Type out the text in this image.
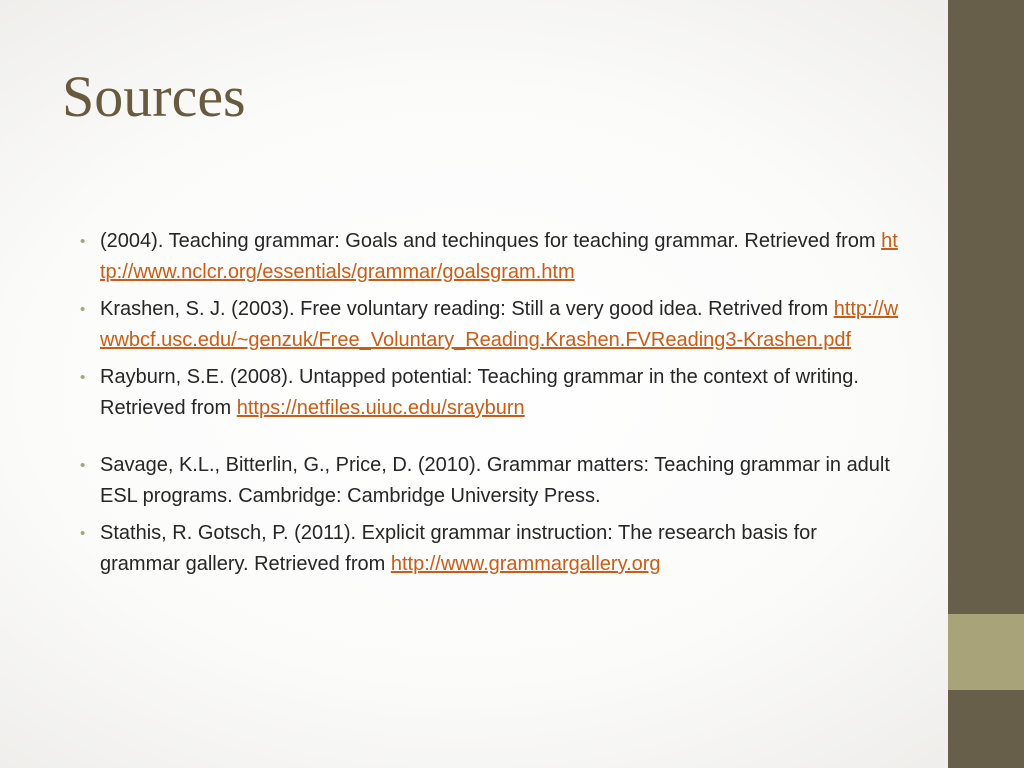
Sources
• (2004). Teaching grammar: Goals and techinques for teaching grammar. Retrieved from http://www.nclcr.org/essentials/grammar/goalsgram.htm
• Krashen, S. J. (2003). Free voluntary reading: Still a very good idea. Retrived from http://wwwbcf.usc.edu/~genzuk/Free_Voluntary_Reading.Krashen.FVReading3-Krashen.pdf
• Rayburn, S.E. (2008). Untapped potential: Teaching grammar in the context of writing. Retrieved from https://netfiles.uiuc.edu/srayburn
• Savage, K.L., Bitterlin, G., Price, D. (2010). Grammar matters: Teaching grammar in adult ESL programs. Cambridge: Cambridge University Press.
• Stathis, R. Gotsch, P. (2011). Explicit grammar instruction: The research basis for grammar gallery. Retrieved from http://www.grammargallery.org
